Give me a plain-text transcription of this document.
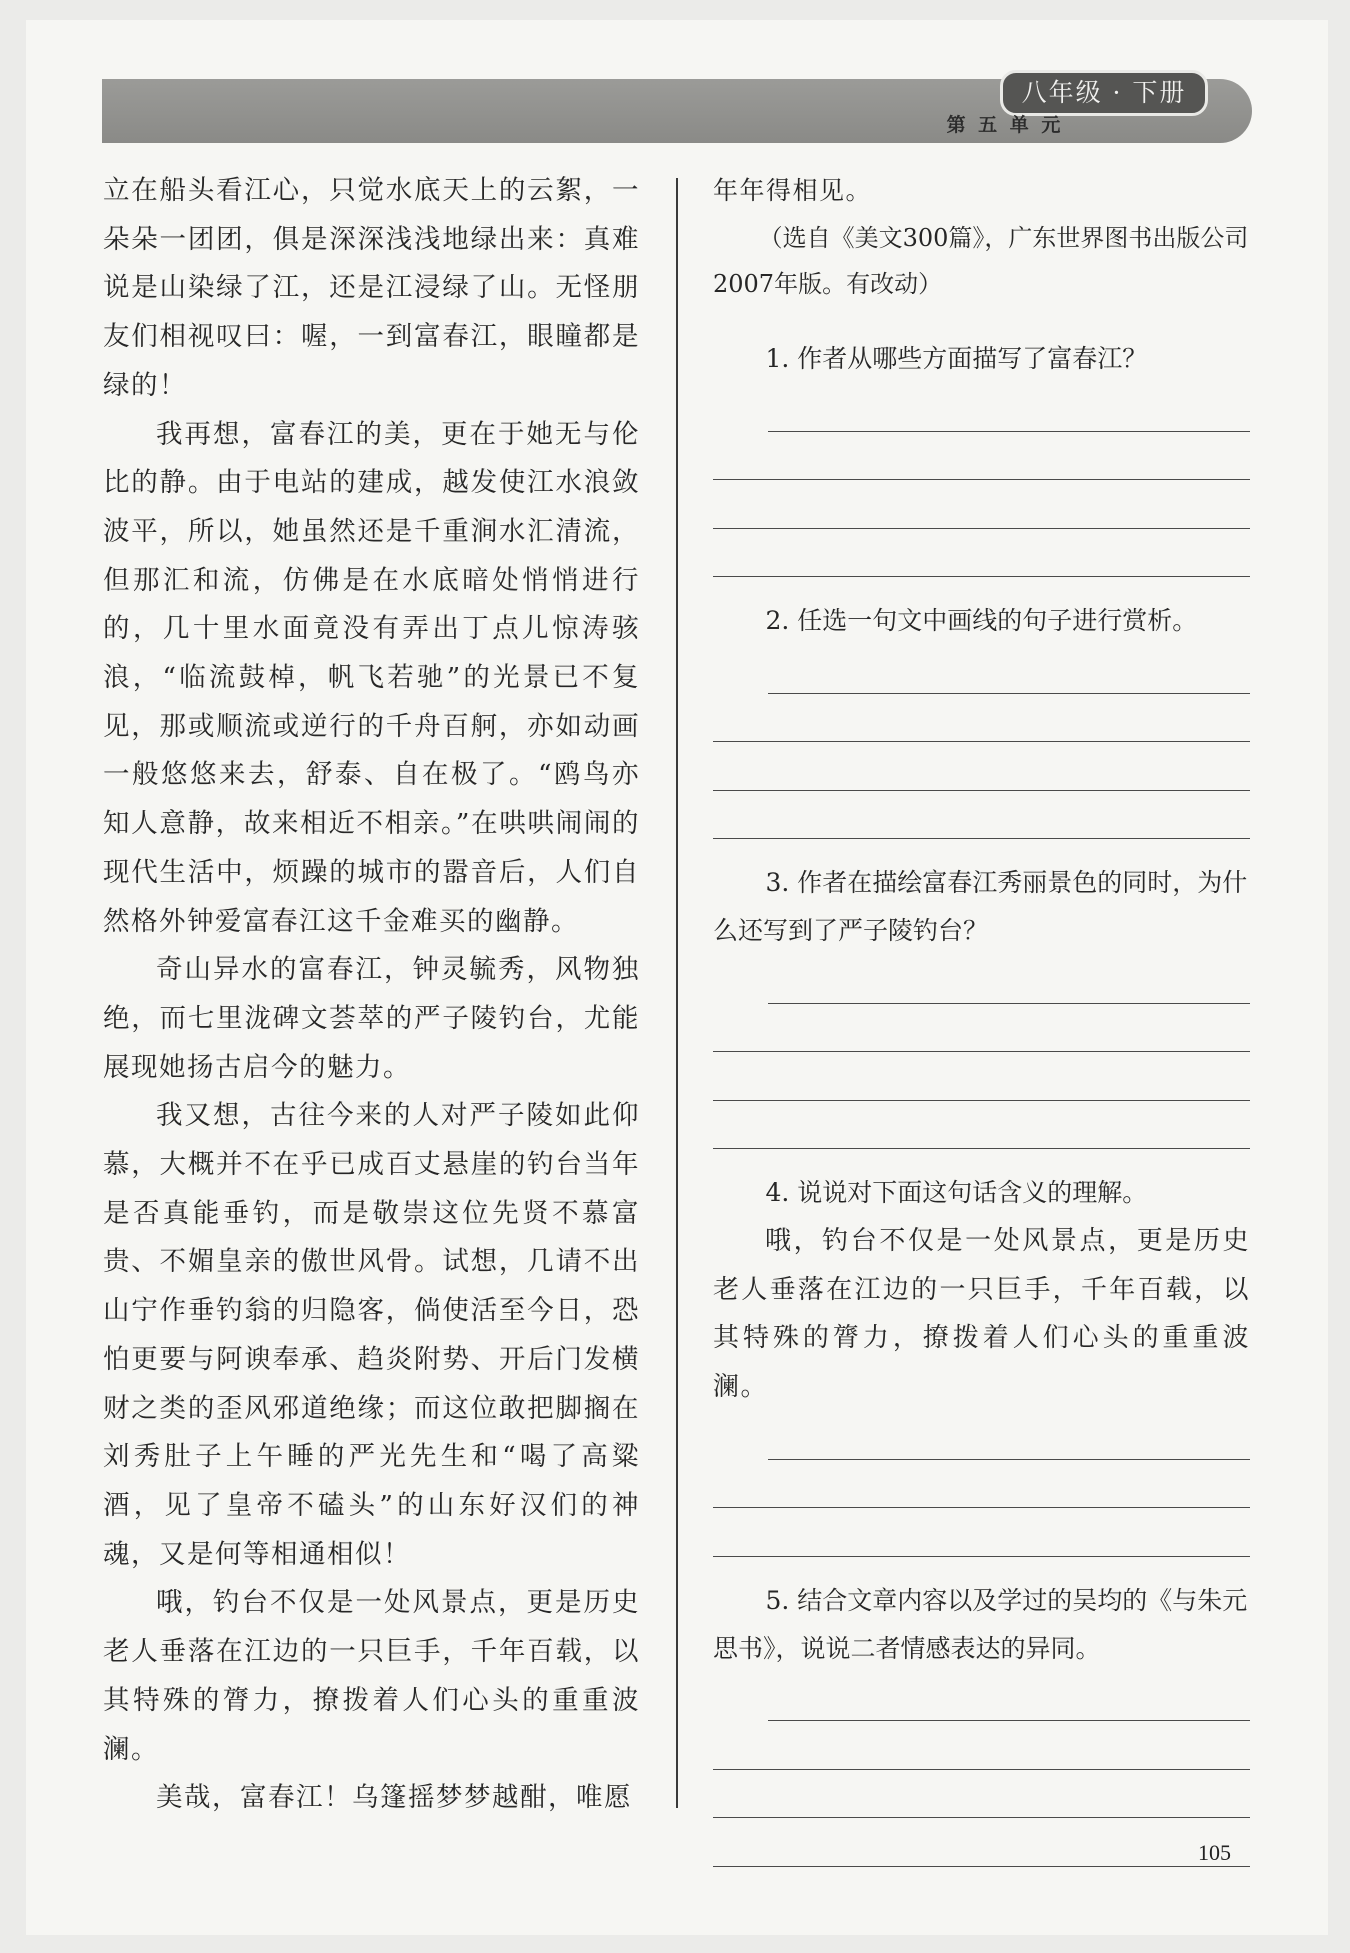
八年级 · 下册
第 五 单 元

立在船头看江心，只觉水底天上的云絮，一朵朵一团团，俱是深深浅浅地绿出来：真难说是山染绿了江，还是江浸绿了山。无怪朋友们相视叹曰：喔，一到富春江，眼瞳都是绿的！

我再想，富春江的美，更在于她无与伦比的静。由于电站的建成，越发使江水浪敛波平，所以，她虽然还是千重涧水汇清流，但那汇和流，仿佛是在水底暗处悄悄进行的，几十里水面竟没有弄出丁点儿惊涛骇浪，“临流鼓棹，帆飞若驰”的光景已不复见，那或顺流或逆行的千舟百舸，亦如动画一般悠悠来去，舒泰、自在极了。“鸥鸟亦知人意静，故来相近不相亲。”在哄哄闹闹的现代生活中，烦躁的城市的嚣音后，人们自然格外钟爱富春江这千金难买的幽静。

奇山异水的富春江，钟灵毓秀，风物独绝，而七里泷碑文荟萃的严子陵钓台，尤能展现她扬古启今的魅力。

我又想，古往今来的人对严子陵如此仰慕，大概并不在乎已成百丈悬崖的钓台当年是否真能垂钓，而是敬崇这位先贤不慕富贵、不媚皇亲的傲世风骨。试想，几请不出山宁作垂钓翁的归隐客，倘使活至今日，恐怕更要与阿谀奉承、趋炎附势、开后门发横财之类的歪风邪道绝缘；而这位敢把脚搁在刘秀肚子上午睡的严光先生和“喝了高粱酒，见了皇帝不磕头”的山东好汉们的神魂，又是何等相通相似！

哦，钓台不仅是一处风景点，更是历史老人垂落在江边的一只巨手，千年百载，以其特殊的膂力，撩拨着人们心头的重重波澜。

美哉，富春江！乌篷摇梦梦越酣，唯愿

年年得相见。

（选自《美文300篇》，广东世界图书出版公司2007年版。有改动）

1. 作者从哪些方面描写了富春江？

2. 任选一句文中画线的句子进行赏析。

3. 作者在描绘富春江秀丽景色的同时，为什么还写到了严子陵钓台？

4. 说说对下面这句话含义的理解。

哦，钓台不仅是一处风景点，更是历史老人垂落在江边的一只巨手，千年百载，以其特殊的膂力，撩拨着人们心头的重重波澜。

5. 结合文章内容以及学过的吴均的《与朱元思书》，说说二者情感表达的异同。

105
